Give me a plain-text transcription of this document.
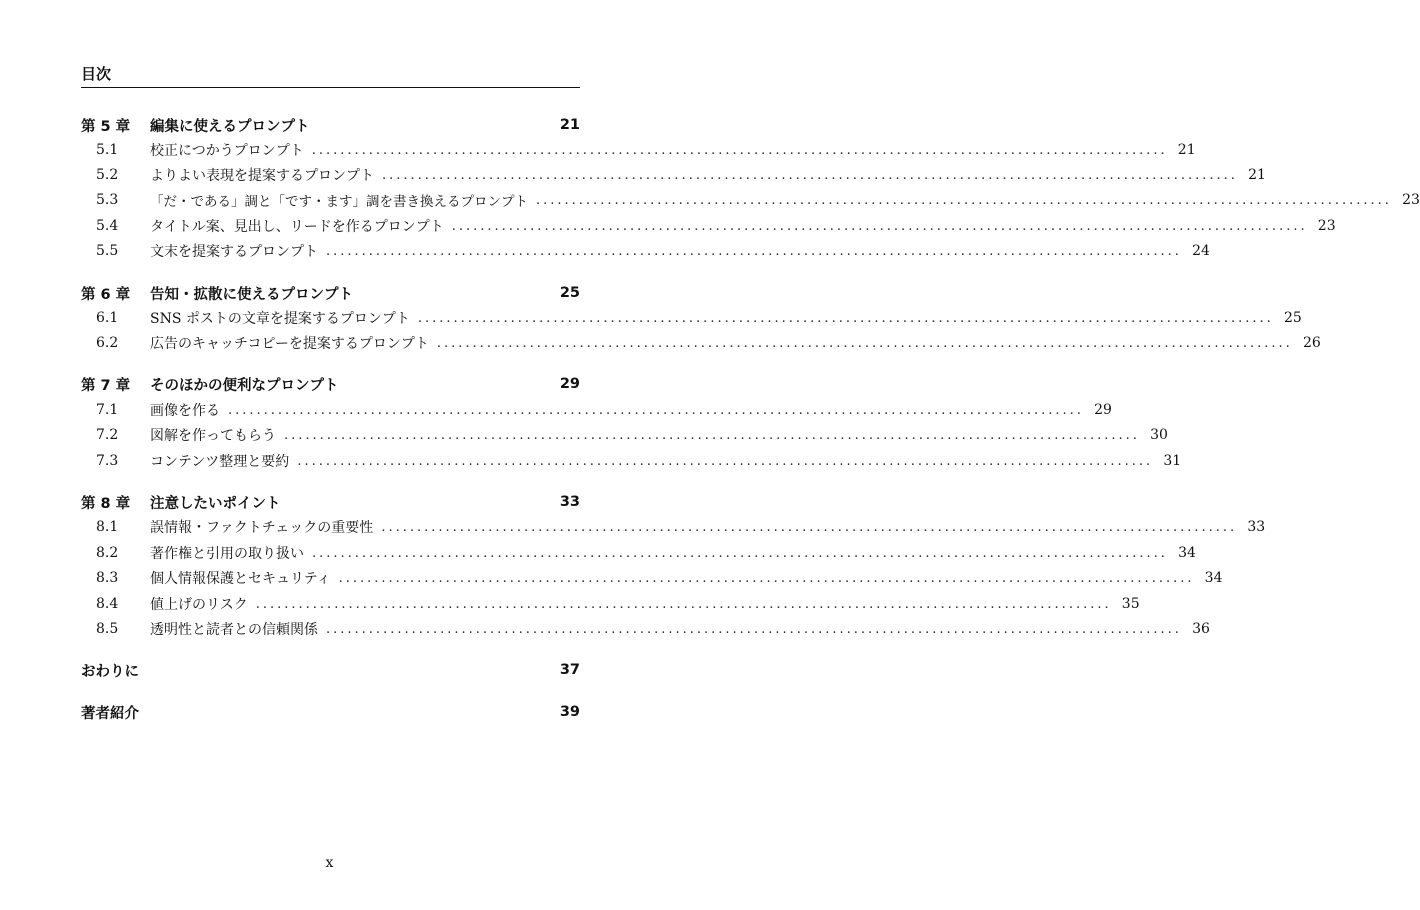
目次
第 5 章	編集に使えるプロンプト	21
5.1	校正につかうプロンプト ........................................................................................................................ 21
5.2	よりよい表現を提案するプロンプト ........................................................................................................................ 21
5.3	「だ・である」調と「です・ます」調を書き換えるプロンプト ........................................................................................................................ 23
5.4	タイトル案、見出し、リードを作るプロンプト ........................................................................................................................ 23
5.5	文末を提案するプロンプト ........................................................................................................................ 24
第 6 章	告知・拡散に使えるプロンプト	25
6.1	SNS ポストの文章を提案するプロンプト ........................................................................................................................ 25
6.2	広告のキャッチコピーを提案するプロンプト ........................................................................................................................ 26
第 7 章	そのほかの便利なプロンプト	29
7.1	画像を作る ........................................................................................................................ 29
7.2	図解を作ってもらう ........................................................................................................................ 30
7.3	コンテンツ整理と要約 ........................................................................................................................ 31
第 8 章	注意したいポイント	33
8.1	誤情報・ファクトチェックの重要性 ........................................................................................................................ 33
8.2	著作権と引用の取り扱い ........................................................................................................................ 34
8.3	個人情報保護とセキュリティ ........................................................................................................................ 34
8.4	値上げのリスク ........................................................................................................................ 35
8.5	透明性と読者との信頼関係 ........................................................................................................................ 36
おわりに	37
著者紹介	39
x
